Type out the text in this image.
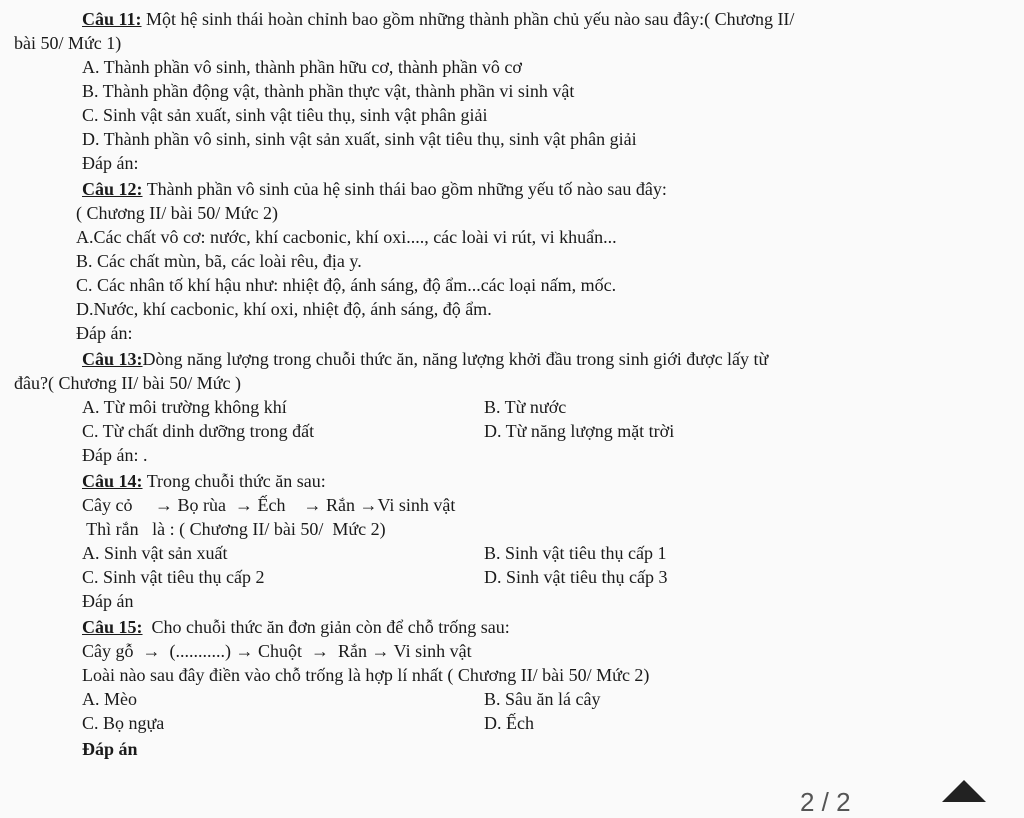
Câu 11: Một hệ sinh thái hoàn chỉnh bao gồm những thành phần chủ yếu nào sau đây:( Chương II/
bài 50/ Mức 1)
A. Thành phần vô sinh, thành phần hữu cơ, thành phần vô cơ
B. Thành phần động vật, thành phần thực vật, thành phần vi sinh vật
C. Sinh vật sản xuất, sinh vật tiêu thụ, sinh vật phân giải
D. Thành phần vô sinh, sinh vật sản xuất, sinh vật tiêu thụ, sinh vật phân giải
Đáp án:
Câu 12: Thành phần vô sinh của hệ sinh thái bao gồm những yếu tố nào sau đây:
( Chương II/ bài 50/ Mức 2)
A.Các chất vô cơ: nước, khí cacbonic, khí oxi...., các loài vi rút, vi khuẩn...
B. Các chất mùn, bã, các loài rêu, địa y.
C. Các nhân tố khí hậu như: nhiệt độ, ánh sáng, độ ẩm...các loại nấm, mốc.
D.Nước, khí cacbonic, khí oxi, nhiệt độ, ánh sáng, độ ẩm.
Đáp án:
Câu 13:Dòng năng lượng trong chuỗi thức ăn, năng lượng khởi đầu trong sinh giới được lấy từ
đâu?( Chương II/ bài 50/ Mức )
A. Từ môi trường không khí	B. Từ nước
C. Từ chất dinh dưỡng trong đất	D. Từ năng lượng mặt trời
Đáp án: .
Câu 14: Trong chuỗi thức ăn sau:
Cây cỏ     → Bọ rùa  → Ếch    → Rắn →Vi sinh vật
Thì rắn   là : ( Chương II/ bài 50/  Mức 2)
A. Sinh vật sản xuất	B. Sinh vật tiêu thụ cấp 1
C. Sinh vật tiêu thụ cấp 2	D. Sinh vật tiêu thụ cấp 3
Đáp án
Câu 15:  Cho chuỗi thức ăn đơn giản còn để chỗ trống sau:
Cây gỗ  →  (...........) → Chuột  →  Rắn → Vi sinh vật
Loài nào sau đây điền vào chỗ trống là hợp lí nhất ( Chương II/ bài 50/ Mức 2)
A. Mèo	B. Sâu ăn lá cây
C. Bọ ngựa	D. Ếch
Đáp án
2 / 2
